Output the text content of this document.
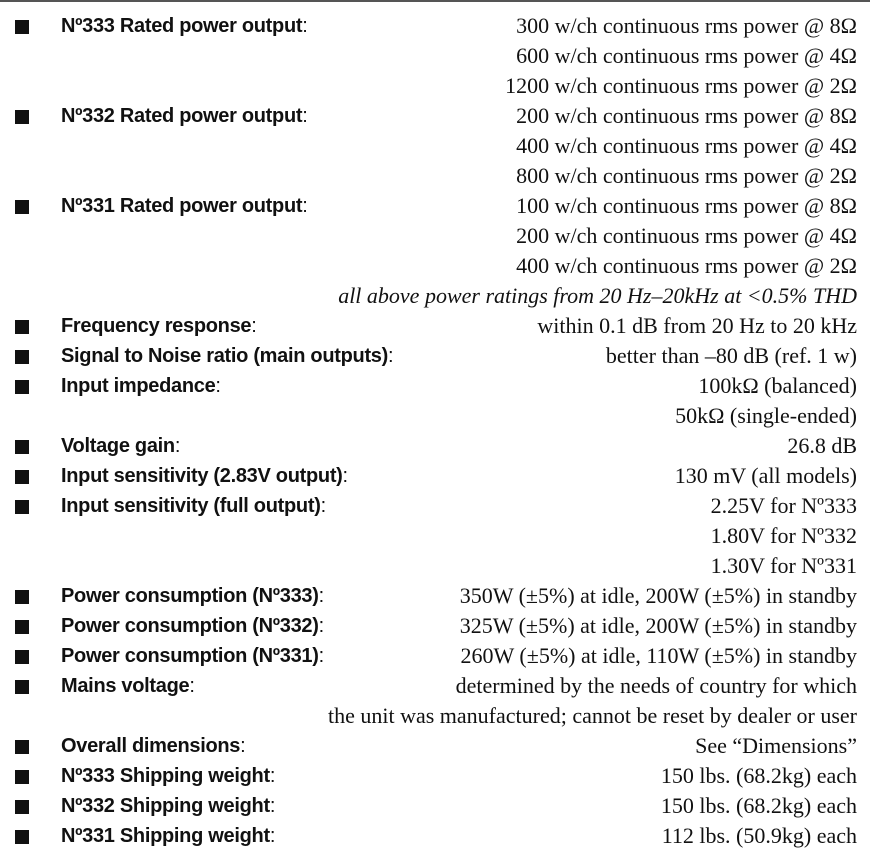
Nº333 Rated power output:	300 w/ch continuous rms power @ 8Ω
600 w/ch continuous rms power @ 4Ω
1200 w/ch continuous rms power @ 2Ω
Nº332 Rated power output:	200 w/ch continuous rms power @ 8Ω
400 w/ch continuous rms power @ 4Ω
800 w/ch continuous rms power @ 2Ω
Nº331 Rated power output:	100 w/ch continuous rms power @ 8Ω
200 w/ch continuous rms power @ 4Ω
400 w/ch continuous rms power @ 2Ω
all above power ratings from 20 Hz–20kHz at <0.5% THD
Frequency response:	within 0.1 dB from 20 Hz to 20 kHz
Signal to Noise ratio (main outputs):	better than –80 dB (ref. 1 w)
Input impedance:	100kΩ (balanced)
50kΩ (single-ended)
Voltage gain:	26.8 dB
Input sensitivity (2.83V output):	130 mV (all models)
Input sensitivity (full output):	2.25V for Nº333
1.80V for Nº332
1.30V for Nº331
Power consumption (Nº333):	350W (±5%) at idle, 200W (±5%) in standby
Power consumption (Nº332):	325W (±5%) at idle, 200W (±5%) in standby
Power consumption (Nº331):	260W (±5%) at idle, 110W (±5%) in standby
Mains voltage:	determined by the needs of country for which
the unit was manufactured; cannot be reset by dealer or user
Overall dimensions:	See “Dimensions”
Nº333 Shipping weight:	150 lbs. (68.2kg) each
Nº332 Shipping weight:	150 lbs. (68.2kg) each
Nº331 Shipping weight:	112 lbs. (50.9kg) each
